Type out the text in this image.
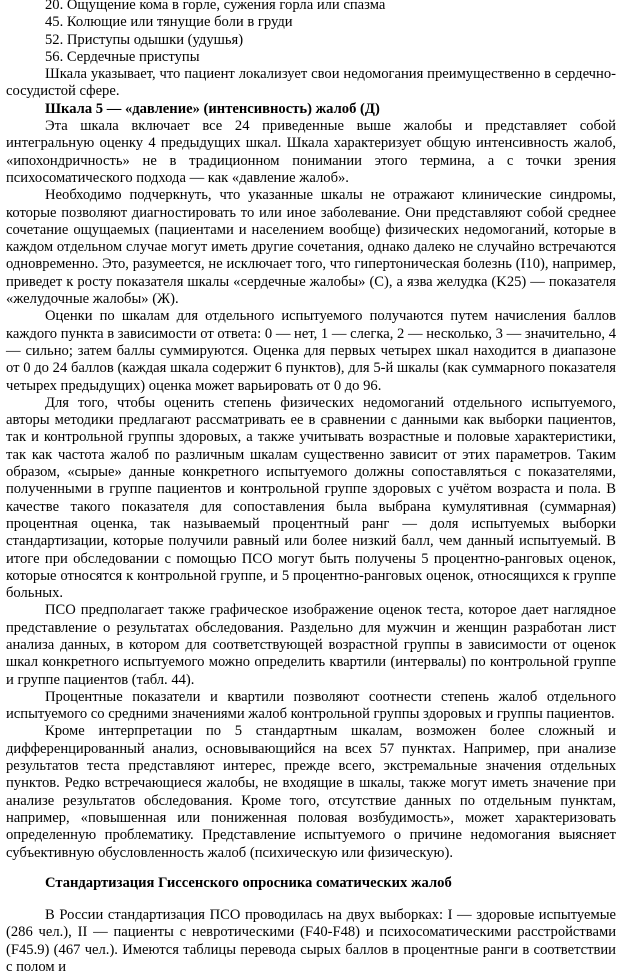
20. Ощущение кома в горле, сужения горла или спазма
45. Колющие или тянущие боли в груди
52. Приступы одышки (удушья)
56. Сердечные приступы

Шкала указывает, что пациент локализует свои недомогания преимущественно в сердечно-сосудистой сфере.

Шкала 5 — «давление» (интенсивность) жалоб (Д)

Эта шкала включает все 24 приведенные выше жалобы и представляет собой интегральную оценку 4 предыдущих шкал. Шкала характеризует общую интенсивность жалоб, «ипохондричность» не в традиционном понимании этого термина, а с точки зрения психосоматического подхода — как «давление жалоб».

Необходимо подчеркнуть, что указанные шкалы не отражают клинические синдромы, которые позволяют диагностировать то или иное заболевание. Они представляют собой среднее сочетание ощущаемых (пациентами и населением вообще) физических недомоганий, которые в каждом отдельном случае могут иметь другие сочетания, однако далеко не случайно встречаются одновременно. Это, разумеется, не исключает того, что гипертоническая болезнь (I10), например, приведет к росту показателя шкалы «сердечные жалобы» (С), а язва желудка (K25) — показателя «желудочные жалобы» (Ж).

Оценки по шкалам для отдельного испытуемого получаются путем начисления баллов каждого пункта в зависимости от ответа: 0 — нет, 1 — слегка, 2 — несколько, 3 — значительно, 4 — сильно; затем баллы суммируются. Оценка для первых четырех шкал находится в диапазоне от 0 до 24 баллов (каждая шкала содержит 6 пунктов), для 5-й шкалы (как суммарного показателя четырех предыдущих) оценка может варьировать от 0 до 96.

Для того, чтобы оценить степень физических недомоганий отдельного испытуемого, авторы методики предлагают рассматривать ее в сравнении с данными как выборки пациентов, так и контрольной группы здоровых, а также учитывать возрастные и половые характеристики, так как частота жалоб по различным шкалам существенно зависит от этих параметров. Таким образом, «сырые» данные конкретного испытуемого должны сопоставляться с показателями, полученными в группе пациентов и контрольной группе здоровых с учётом возраста и пола. В качестве такого показателя для сопоставления была выбрана кумулятивная (суммарная) процентная оценка, так называемый процентный ранг — доля испытуемых выборки стандартизации, которые получили равный или более низкий балл, чем данный испытуемый. В итоге при обследовании с помощью ПСО могут быть получены 5 процентно-ранговых оценок, которые относятся к контрольной группе, и 5 процентно-ранговых оценок, относящихся к группе больных.

ПСО предполагает также графическое изображение оценок теста, которое дает наглядное представление о результатах обследования. Раздельно для мужчин и женщин разработан лист анализа данных, в котором для соответствующей возрастной группы в зависимости от оценок шкал конкретного испытуемого можно определить квартили (интервалы) по контрольной группе и группе пациентов (табл. 44).

Процентные показатели и квартили позволяют соотнести степень жалоб отдельного испытуемого со средними значениями жалоб контрольной группы здоровых и группы пациентов.

Кроме интерпретации по 5 стандартным шкалам, возможен более сложный и дифференцированный анализ, основывающийся на всех 57 пунктах. Например, при анализе результатов теста представляют интерес, прежде всего, экстремальные значения отдельных пунктов. Редко встречающиеся жалобы, не входящие в шкалы, также могут иметь значение при анализе результатов обследования. Кроме того, отсутствие данных по отдельным пунктам, например, «повышенная или пониженная половая возбудимость», может характеризовать определенную проблематику. Представление испытуемого о причине недомогания выясняет субъективную обусловленность жалоб (психическую или физическую).

Стандартизация Гиссенского опросника соматических жалоб

В России стандартизация ПСО проводилась на двух выборках: I — здоровые испытуемые (286 чел.), II — пациенты с невротическими (F40-F48) и психосоматическими расстройствами (F45.9) (467 чел.). Имеются таблицы перевода сырых баллов в процентные ранги в соответствии с полом и
